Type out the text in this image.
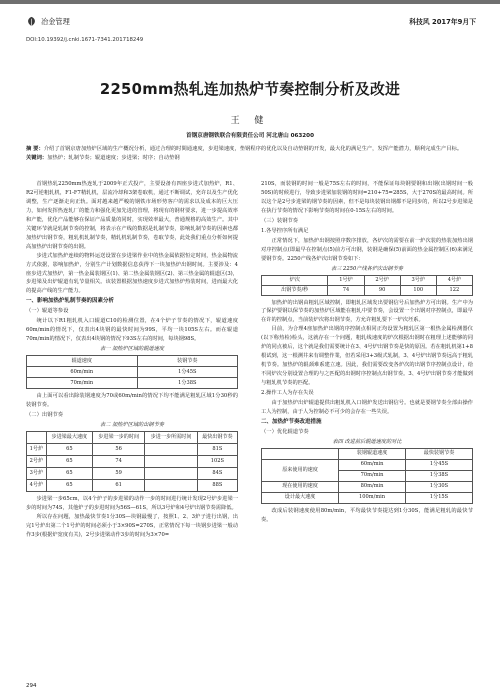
冶金管理	科技风 2017年9月下
DOI:10.19392/j.cnki.1671-7341.201718249
2250mm热轧连加热炉节奏控制分析及改进
王 健
首钢京唐钢铁联合有限责任公司 河北唐山 063200
摘 要：介绍了首钢京唐加热炉区域的生产概况分析，通过合理的时間通速度，步进梁速度，垫钢程序的优化以及自动垫钢的开发，最大化的满足生产，发挥产能潜力，顺利完成生产目标。
关键词：加热炉；轧制节奏；辊道速度；步进梁；时序；自动垫钢

首钢热轧2250mm热连轧于2009年正式投产，主要设备有四座步进式加热炉，R1、R2可逆粗轧机，F1-F7精轧机，层流冷却和3架卷取机，通过不断调试，充许以及生产优化调整，生产逐渐走向正轨。面对越来越严峻的钢铁市场形势客户的需求以及成本的巨大压力，如何发挥热连轧厂的能力和强化更加先进的管理，将现有的钢材要求，进一步提高效率和产能，优化产品能够在保证产品质量的同时，实现效率最大，普通规格的高效生产。其中关键环节就是轧制节奏的控制，将表示在产线的数据是轧制节奏，影响轧制节奏的因素也都加热炉出钢节奏，粗轧机轧制节奏，精轧机轧制节奏，卷取节奏，此处我们重点分析如何提高加热炉出钢节奏的出钢。

步进式加热炉连续的物料运送设置在步进梁作业中的热金属依据恒定时间，热金属物流方式依据，影响加热炉，分别生产计划数据信息获得下一块加热炉出钢时间。主要涉及：4座步进式加热炉，第一热金属装钢区(1)、第二热金属装钢区(2)、第三热金属的辊道区(3)，步进梁及出炉辊道有轧节量相关。该装置根据加热速度步进式加热炉热装时间，进而最大化的提高产线的生产能力。

一、影响加热炉轧制节奏的因素分析
（一）辊道等参设

统计以下R1粗轧机入口辊道C10的检测位置，在4个炉子节奏的情况下，辊道速度60m/min的情况下，仅表出4块钢的最快时间为99S，平均一块105S左右。而在辊道70m/min的情况下，仅表出4块钢的情况下93S左右的时间，每块钢98S。

表一 加热炉区域的辊道速度
辊道速度	装钢节奏
60m/min	1分45S
70m/min	1分38S

由上面可以看出除装钢速度为70或60m/min的情况下均不能满足粗轧区域1分30秒的装钢节奏。

（二）出钢节奏
表二 加热炉区域的出钢节奏
	步进梁最大速度	步进梁一步的时间	步进一步所需时间	最快出钢节奏
1号炉	65	56		81S
2号炉	65	74		102S
3号炉	65	59		84S
4号炉	65	61		88S

步进梁一步65cm，以4个炉子的步进梁的动作一步的时间进行统计发现2号炉步进梁一步的时间为74S，其他炉子的步进时间为56S—61S，所以3号炉和4号炉出钢节奏需降低。

所以存在问题，加热最快节奏1分30S—块钢最慢了，按照1、2、3炉子进行出钢，出完1号炉出第二个1号炉的时间必须小于3×90S=270S，正常情况下每一块钢步进梁一般动作3步(根据炉宽度有关)，2号步进梁动作3步的时间为3×70=

210S，而装钢的时间一般是75S左右的时间，不能保证每块钢要钢和出钢(出钢时间一般50S)的时候进行，导致步进梁加装钢的时间=210+75=285S，大于270S的最高时间。所以这个是2号步进梁的钢节奏的因素，但不是每块装钢出钢都不是同步的，所以2号步进梁是在执行节奏的情况下影响节奏的时间在0-15S左右的时间。

（三）装钢节奏
1.各导控序所有满足

正常情况下，加热炉出钢按照序数序排放，各炉次的需要在前一炉次装的热装加热出钢对序控制点(即最早在控制点(5)前方可出钢，装钢是确保(5)前面的热金属控制区(6)来满足要钢节奏。2250产线各炉次出钢节奏如下：

表三 2250产线各炉次出钢节奏
炉次	1号炉	2号炉	3号炉	4号炉
出钢节奏/秒	74	90	100	122

加热炉的出钢由粗轧区域控制，即粗轧区域发出要钢信号后加热炉方可出钢。生产中为了保护要钢以保节奏的加热炉区域能在粗轧中要节奏，会设置一个出钢对序控制点，即最早在许的控制点，当前装炉次将出钢节奏，方允许粗轧要下一炉次坯系。

目前，为合理4座加热炉出钢的序控制点相同正均设置为粗轧区第一根热金属检测器仪(以下称热检)检头，这就存在一个问题，粗轧线速度的炉次根据出钢时在粗理上述能够的同炉的同点被后，这个就是我们需要统计在3、4号炉出钢节奏是快的原因。若在粗轧机第1+8根试到，这一根测井来有调整作業，但若采用3+3级式轧制，3、4号炉出钢节奏远高于粗轧机节奏。加热炉的辊颈难系建立速。因此，我们需要改变各炉次的出钢节序控制点设计，给不同炉次分别设置合理的与之匹配的出钢时序控制点出钢节奏。3、4号炉出钢节奏才能做到与粗轧机节奏的匹配。

2.操作工人为存在失误

由于加热炉出炉辊道提供出粗轧机入口钢炉发送出钢信号。也就是要钢节奏全部由操作工人为控制，由于人为控制必不可少的会存在一些失误。

二、加热炉节奏改进措施
（一）优化辊道节奏
表四 改进前后辊道速度的对比
	装钢辊道速度	最快装钢节奏
原来使用的速度	60m/min	1分45S
	70m/min	1分38S
现在使用的速度	80m/min	1分30S
设计最大速度	100m/min	1分15S

改成后装钢速度使用80m/min，平均最快节奏提达到1分30S，能满足粗轧的最快节奏。

294
